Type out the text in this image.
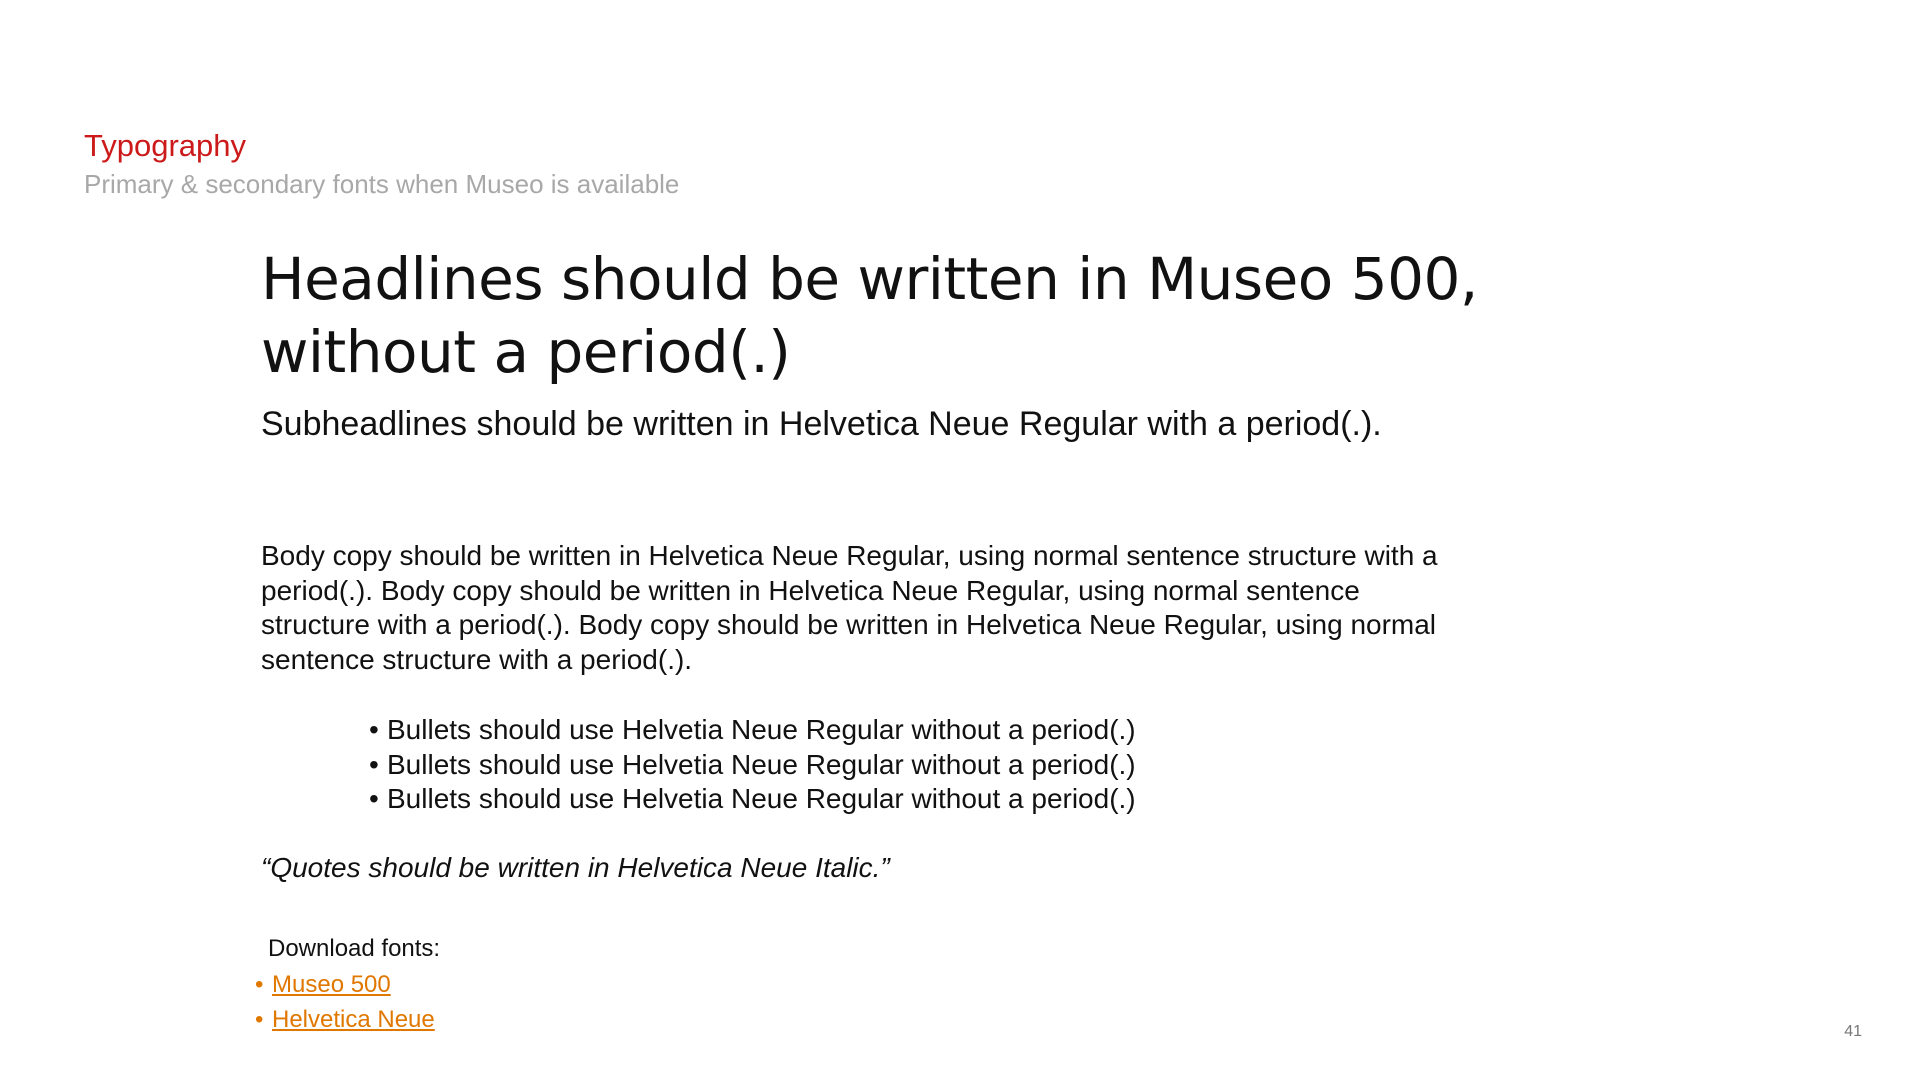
Typography
Primary & secondary fonts when Museo is available
Headlines should be written in Museo 500, without a period(.)
Subheadlines should be written in Helvetica Neue Regular with a period(.).
Body copy should be written in Helvetica Neue Regular, using normal sentence structure with a period(.). Body copy should be written in Helvetica Neue Regular, using normal sentence structure with a period(.). Body copy should be written in Helvetica Neue Regular, using normal sentence structure with a period(.).
• Bullets should use Helvetia Neue Regular without a period(.)
• Bullets should use Helvetia Neue Regular without a period(.)
• Bullets should use Helvetia Neue Regular without a period(.)
“Quotes should be written in Helvetica Neue Italic.”
Download fonts:
• Museo 500
• Helvetica Neue	41
